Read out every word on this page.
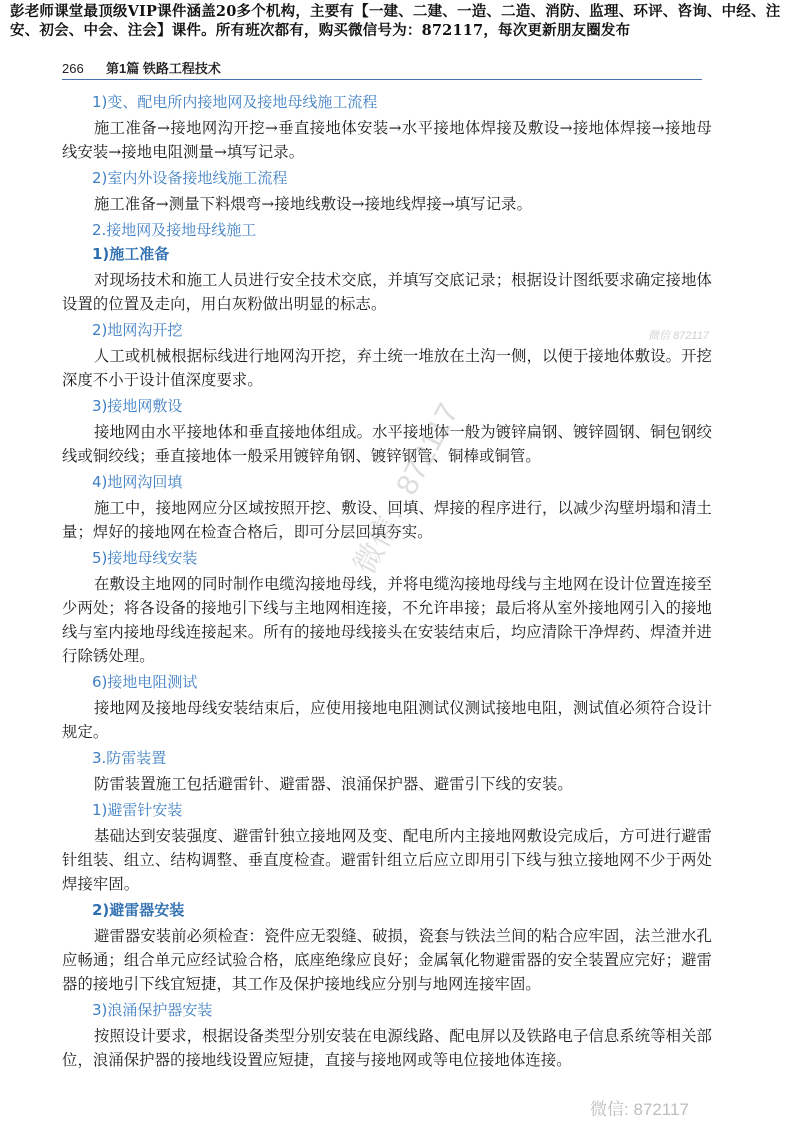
彭老师课堂最顶级VIP课件涵盖20多个机构，主要有【一建、二建、一造、二造、消防、监理、环评、咨询、中经、注安、初会、中会、注会】课件。所有班次都有，购买微信号为：872117，每次更新朋友圈发布
266	第1篇 铁路工程技术
1)变、配电所内接地网及接地母线施工流程
施工准备→接地网沟开挖→垂直接地体安装→水平接地体焊接及敷设→接地体焊接→接地母线安装→接地电阻测量→填写记录。
2)室内外设备接地线施工流程
施工准备→测量下料煨弯→接地线敷设→接地线焊接→填写记录。
2.接地网及接地母线施工
1)施工准备
对现场技术和施工人员进行安全技术交底，并填写交底记录；根据设计图纸要求确定接地体设置的位置及走向，用白灰粉做出明显的标志。
2)地网沟开挖
人工或机械根据标线进行地网沟开挖，弃土统一堆放在土沟一侧，以便于接地体敷设。开挖深度不小于设计值深度要求。
3)接地网敷设
接地网由水平接地体和垂直接地体组成。水平接地体一般为镀锌扁钢、镀锌圆钢、铜包钢绞线或铜绞线；垂直接地体一般采用镀锌角钢、镀锌钢管、铜棒或铜管。
4)地网沟回填
施工中，接地网应分区域按照开挖、敷设、回填、焊接的程序进行，以减少沟壁坍塌和清土量；焊好的接地网在检查合格后，即可分层回填夯实。
5)接地母线安装
在敷设主地网的同时制作电缆沟接地母线，并将电缆沟接地母线与主地网在设计位置连接至少两处；将各设备的接地引下线与主地网相连接，不允许串接；最后将从室外接地网引入的接地线与室内接地母线连接起来。所有的接地母线接头在安装结束后，均应清除干净焊药、焊渣并进行除锈处理。
6)接地电阻测试
接地网及接地母线安装结束后，应使用接地电阻测试仪测试接地电阻，测试值必须符合设计规定。
3.防雷装置
防雷装置施工包括避雷针、避雷器、浪涌保护器、避雷引下线的安装。
1)避雷针安装
基础达到安装强度、避雷针独立接地网及变、配电所内主接地网敷设完成后，方可进行避雷针组装、组立、结构调整、垂直度检查。避雷针组立后应立即用引下线与独立接地网不少于两处焊接牢固。
2)避雷器安装
避雷器安装前必须检查：瓷件应无裂缝、破损，瓷套与铁法兰间的粘合应牢固，法兰泄水孔应畅通；组合单元应经试验合格，底座绝缘应良好；金属氧化物避雷器的安全装置应完好；避雷器的接地引下线宜短捷，其工作及保护接地线应分别与地网连接牢固。
3)浪涌保护器安装
按照设计要求，根据设备类型分别安装在电源线路、配电屏以及铁路电子信息系统等相关部位，浪涌保护器的接地线设置应短捷，直接与接地网或等电位接地体连接。
微信 872117
微信：872117
微信: 872117
